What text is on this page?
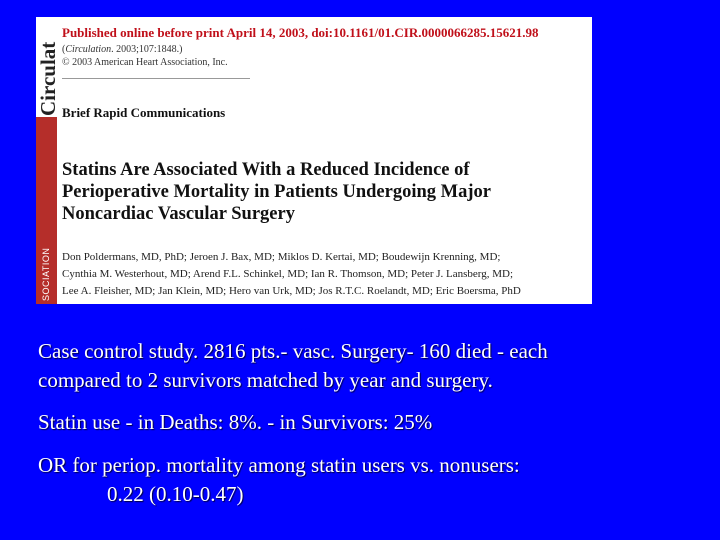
Circulat
SOCIATION
Published online before print April 14, 2003, doi:10.1161/01.CIR.0000066285.15621.98
(Circulation. 2003;107:1848.)
© 2003 American Heart Association, Inc.
Brief Rapid Communications
Statins Are Associated With a Reduced Incidence of
Perioperative Mortality in Patients Undergoing Major
Noncardiac Vascular Surgery
Don Poldermans, MD, PhD; Jeroen J. Bax, MD; Miklos D. Kertai, MD; Boudewijn Krenning, MD;
Cynthia M. Westerhout, MD; Arend F.L. Schinkel, MD; Ian R. Thomson, MD; Peter J. Lansberg, MD;
Lee A. Fleisher, MD; Jan Klein, MD; Hero van Urk, MD; Jos R.T.C. Roelandt, MD; Eric Boersma, PhD
Case control study. 2816 pts.- vasc. Surgery- 160 died - each
compared to 2 survivors matched by year and surgery.
Statin use - in Deaths: 8%. - in Survivors: 25%
OR for periop. mortality among statin users vs. nonusers:
0.22 (0.10-0.47)
